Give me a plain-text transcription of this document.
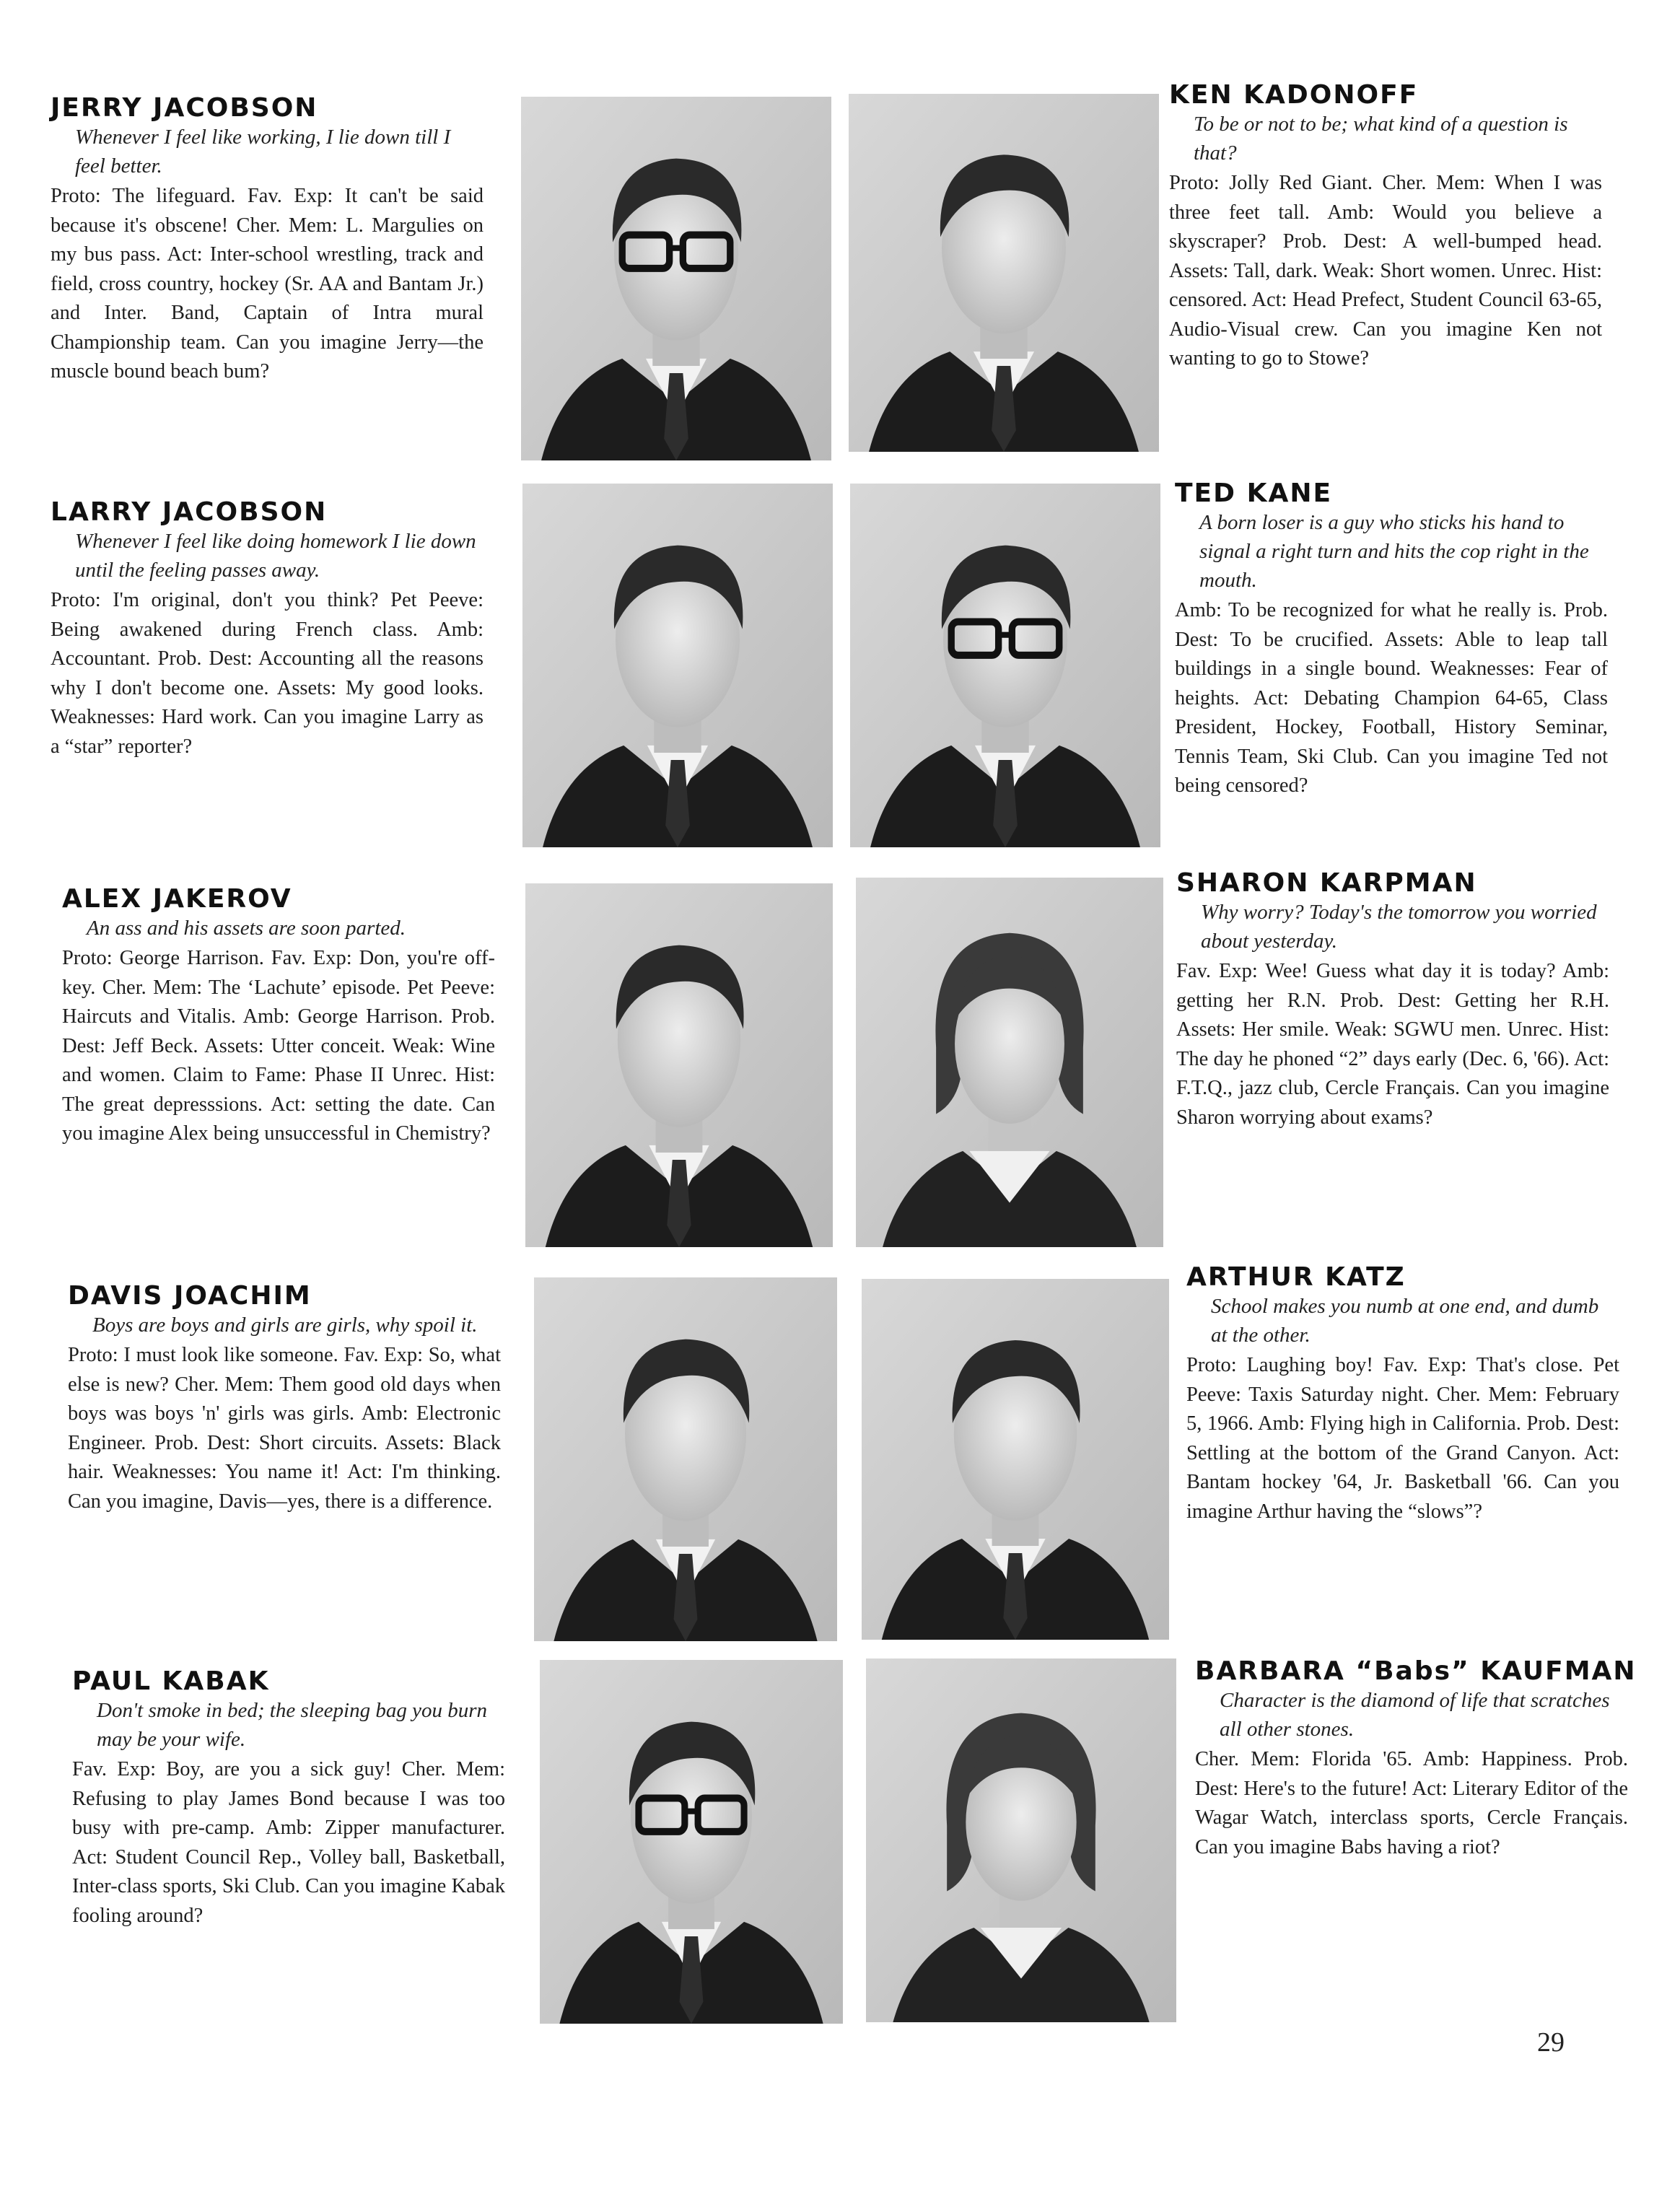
JERRY JACOBSON
Whenever I feel like working, I lie down till I feel better.
Proto: The lifeguard. Fav. Exp: It can't be said because it's obscene! Cher. Mem: L. Margulies on my bus pass. Act: Inter-school wrestling, track and field, cross country, hockey (Sr. AA and Bantam Jr.) and Inter. Band, Captain of Intra mural Championship team. Can you imagine Jerry—the muscle bound beach bum?
LARRY JACOBSON
Whenever I feel like doing homework I lie down until the feeling passes away.
Proto: I'm original, don't you think? Pet Peeve: Being awakened during French class. Amb: Accountant. Prob. Dest: Accounting all the reasons why I don't become one. Assets: My good looks. Weaknesses: Hard work. Can you imagine Larry as a “star” reporter?
ALEX JAKEROV
An ass and his assets are soon parted.
Proto: George Harrison. Fav. Exp: Don, you're off-key. Cher. Mem: The ‘Lachute’ episode. Pet Peeve: Haircuts and Vitalis. Amb: George Harrison. Prob. Dest: Jeff Beck. Assets: Utter conceit. Weak: Wine and women. Claim to Fame: Phase II Unrec. Hist: The great depresssions. Act: setting the date. Can you imagine Alex being unsuccessful in Chemistry?
DAVIS JOACHIM
Boys are boys and girls are girls, why spoil it.
Proto: I must look like someone. Fav. Exp: So, what else is new? Cher. Mem: Them good old days when boys was boys 'n' girls was girls. Amb: Electronic Engineer. Prob. Dest: Short circuits. Assets: Black hair. Weaknesses: You name it! Act: I'm thinking. Can you imagine, Davis—yes, there is a difference.
PAUL KABAK
Don't smoke in bed; the sleeping bag you burn may be your wife.
Fav. Exp: Boy, are you a sick guy! Cher. Mem: Refusing to play James Bond because I was too busy with pre-camp. Amb: Zipper manufacturer. Act: Student Council Rep., Volley ball, Basketball, Inter-class sports, Ski Club. Can you imagine Kabak fooling around?
KEN KADONOFF
To be or not to be; what kind of a question is that?
Proto: Jolly Red Giant. Cher. Mem: When I was three feet tall. Amb: Would you believe a skyscraper? Prob. Dest: A well-bumped head. Assets: Tall, dark. Weak: Short women. Unrec. Hist: censored. Act: Head Prefect, Student Council 63-65, Audio-Visual crew. Can you imagine Ken not wanting to go to Stowe?
TED KANE
A born loser is a guy who sticks his hand to signal a right turn and hits the cop right in the mouth.
Amb: To be recognized for what he really is. Prob. Dest: To be crucified. Assets: Able to leap tall buildings in a single bound. Weaknesses: Fear of heights. Act: Debating Champion 64-65, Class President, Hockey, Football, History Seminar, Tennis Team, Ski Club. Can you imagine Ted not being censored?
SHARON KARPMAN
Why worry? Today's the tomorrow you worried about yesterday.
Fav. Exp: Wee! Guess what day it is today? Amb: getting her R.N. Prob. Dest: Getting her R.H. Assets: Her smile. Weak: SGWU men. Unrec. Hist: The day he phoned “2” days early (Dec. 6, '66). Act: F.T.Q., jazz club, Cercle Français. Can you imagine Sharon worrying about exams?
ARTHUR KATZ
School makes you numb at one end, and dumb at the other.
Proto: Laughing boy! Fav. Exp: That's close. Pet Peeve: Taxis Saturday night. Cher. Mem: February 5, 1966. Amb: Flying high in California. Prob. Dest: Settling at the bottom of the Grand Canyon. Act: Bantam hockey '64, Jr. Basketball '66. Can you imagine Arthur having the “slows”?
BARBARA “Babs” KAUFMAN
Character is the diamond of life that scratches all other stones.
Cher. Mem: Florida '65. Amb: Happiness. Prob. Dest: Here's to the future! Act: Literary Editor of the Wagar Watch, interclass sports, Cercle Français. Can you imagine Babs having a riot?
29
